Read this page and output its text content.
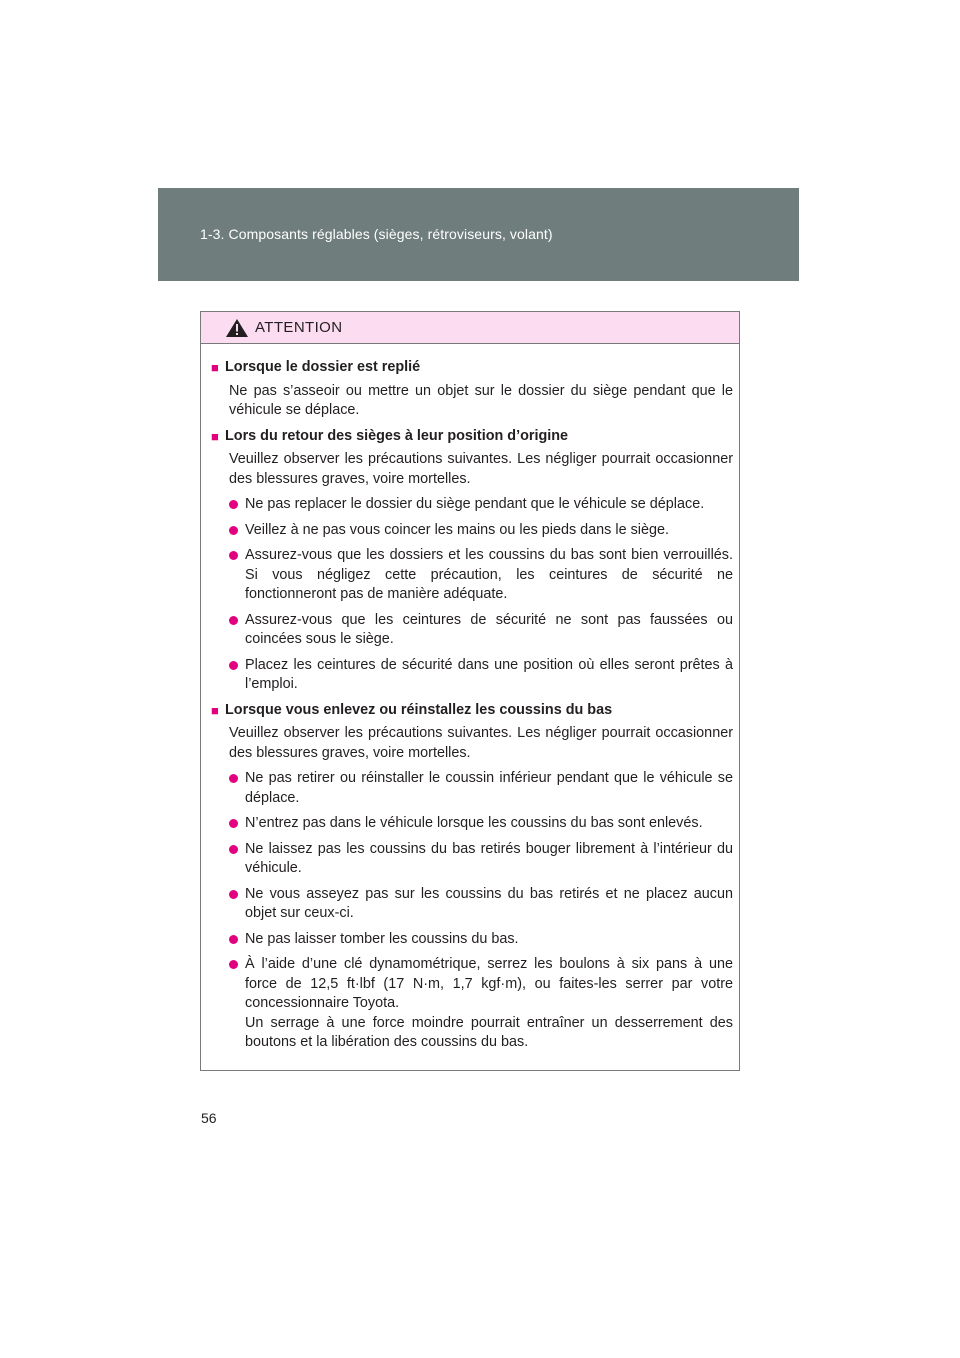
1-3. Composants réglables (sièges, rétroviseurs, volant)
ATTENTION
■ Lorsque le dossier est replié
Ne pas s’asseoir ou mettre un objet sur le dossier du siège pendant que le véhicule se déplace.
■ Lors du retour des sièges à leur position d’origine
Veuillez observer les précautions suivantes. Les négliger pourrait occasionner des blessures graves, voire mortelles.
Ne pas replacer le dossier du siège pendant que le véhicule se déplace.
Veillez à ne pas vous coincer les mains ou les pieds dans le siège.
Assurez-vous que les dossiers et les coussins du bas sont bien verrouillés. Si vous négligez cette précaution, les ceintures de sécurité ne fonctionneront pas de manière adéquate.
Assurez-vous que les ceintures de sécurité ne sont pas faussées ou coincées sous le siège.
Placez les ceintures de sécurité dans une position où elles seront prêtes à l’emploi.
■ Lorsque vous enlevez ou réinstallez les coussins du bas
Veuillez observer les précautions suivantes. Les négliger pourrait occasionner des blessures graves, voire mortelles.
Ne pas retirer ou réinstaller le coussin inférieur pendant que le véhicule se déplace.
N’entrez pas dans le véhicule lorsque les coussins du bas sont enlevés.
Ne laissez pas les coussins du bas retirés bouger librement à l’intérieur du véhicule.
Ne vous asseyez pas sur les coussins du bas retirés et ne placez aucun objet sur ceux-ci.
Ne pas laisser tomber les coussins du bas.
À l’aide d’une clé dynamométrique, serrez les boulons à six pans à une force de 12,5 ft·lbf (17 N·m, 1,7 kgf·m), ou faites-les serrer par votre concessionnaire Toyota.
Un serrage à une force moindre pourrait entraîner un desserrement des boutons et la libération des coussins du bas.
56
